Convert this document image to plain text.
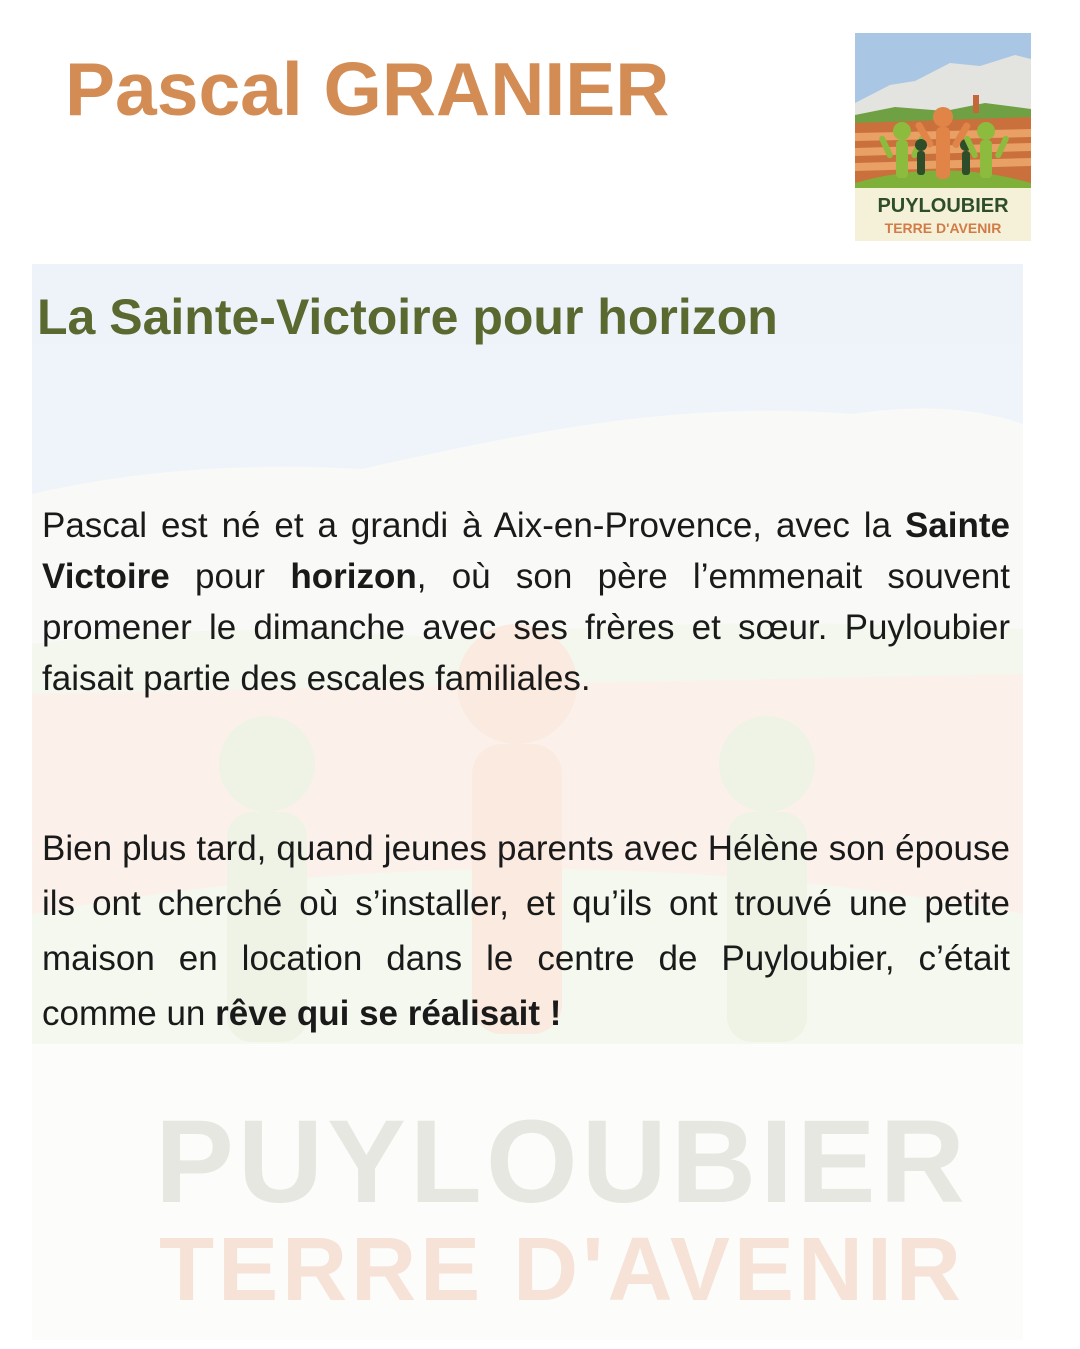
Pascal GRANIER
PUYLOUBIER
TERRE D'AVENIR
La Sainte-Victoire pour horizon
PUYLOUBIER
TERRE D'AVENIR

Pascal est né et a grandi à Aix-en-Provence, avec la Sainte Victoire pour horizon, où son père l’emmenait souvent promener le dimanche avec ses frères et sœur. Puyloubier faisait partie des escales familiales.

Bien plus tard, quand jeunes parents avec Hélène son épouse ils ont cherché où s’installer, et qu’ils ont trouvé une petite maison en location dans le centre de Puyloubier, c’était comme un rêve qui se réalisait !
